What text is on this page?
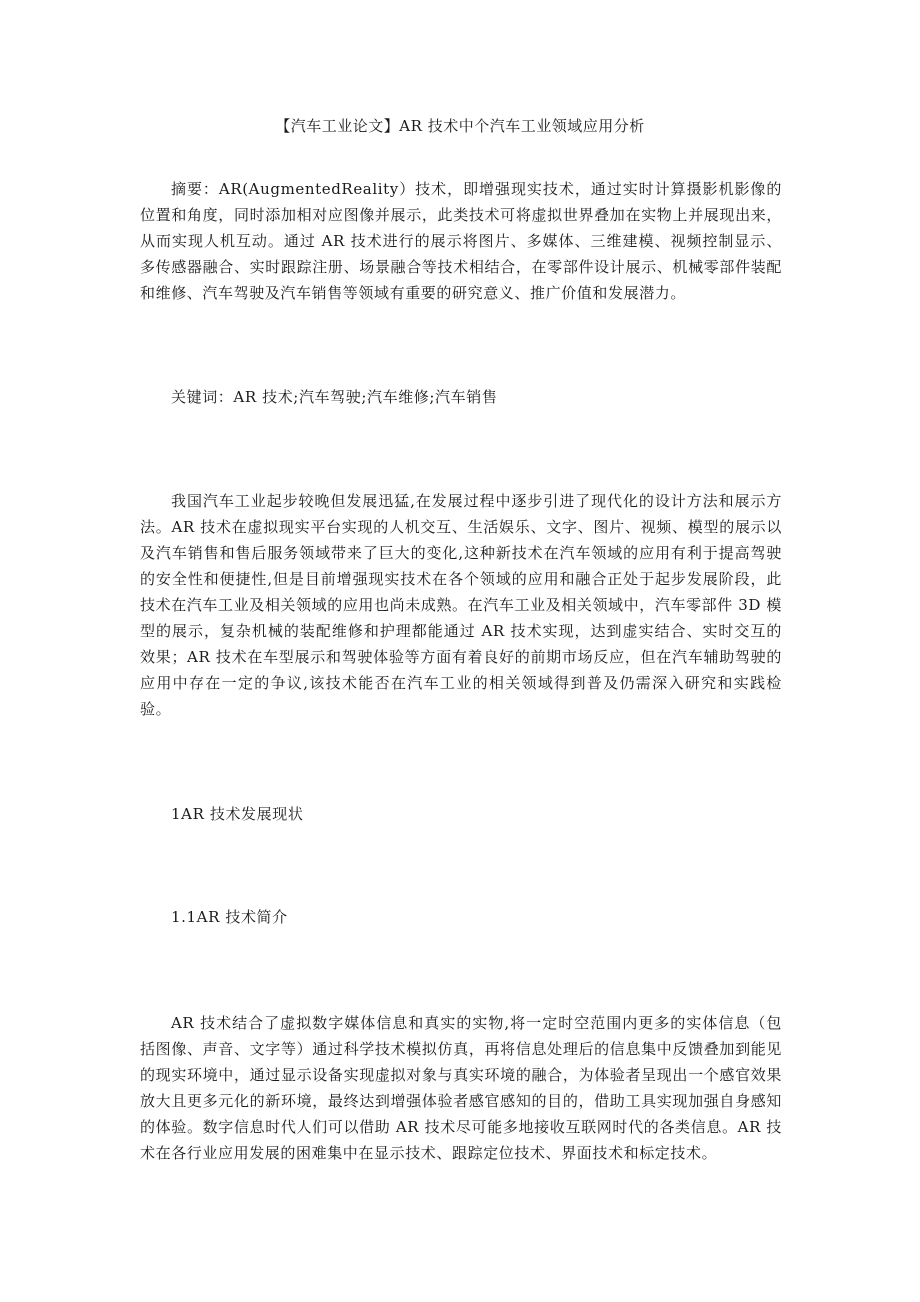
【汽车工业论文】AR 技术中个汽车工业领域应用分析

摘要：AR(AugmentedReality）技术，即增强现实技术，通过实时计算摄影机影像的位置和角度，同时添加相对应图像并展示，此类技术可将虚拟世界叠加在实物上并展现出来，从而实现人机互动。通过 AR 技术进行的展示将图片、多媒体、三维建模、视频控制显示、多传感器融合、实时跟踪注册、场景融合等技术相结合，在零部件设计展示、机械零部件装配和维修、汽车驾驶及汽车销售等领域有重要的研究意义、推广价值和发展潜力。

关键词：AR 技术;汽车驾驶;汽车维修;汽车销售

我国汽车工业起步较晚但发展迅猛,在发展过程中逐步引进了现代化的设计方法和展示方法。AR 技术在虚拟现实平台实现的人机交互、生活娱乐、文字、图片、视频、模型的展示以及汽车销售和售后服务领域带来了巨大的变化,这种新技术在汽车领域的应用有利于提高驾驶的安全性和便捷性,但是目前增强现实技术在各个领域的应用和融合正处于起步发展阶段，此技术在汽车工业及相关领域的应用也尚未成熟。在汽车工业及相关领域中，汽车零部件 3D 模型的展示，复杂机械的装配维修和护理都能通过 AR 技术实现，达到虚实结合、实时交互的效果；AR 技术在车型展示和驾驶体验等方面有着良好的前期市场反应，但在汽车辅助驾驶的应用中存在一定的争议,该技术能否在汽车工业的相关领域得到普及仍需深入研究和实践检验。

1AR 技术发展现状

1.1AR 技术简介

AR 技术结合了虚拟数字媒体信息和真实的实物,将一定时空范围内更多的实体信息（包括图像、声音、文字等）通过科学技术模拟仿真，再将信息处理后的信息集中反馈叠加到能见的现实环境中，通过显示设备实现虚拟对象与真实环境的融合，为体验者呈现出一个感官效果放大且更多元化的新环境，最终达到增强体验者感官感知的目的，借助工具实现加强自身感知的体验。数字信息时代人们可以借助 AR 技术尽可能多地接收互联网时代的各类信息。AR 技术在各行业应用发展的困难集中在显示技术、跟踪定位技术、界面技术和标定技术。
